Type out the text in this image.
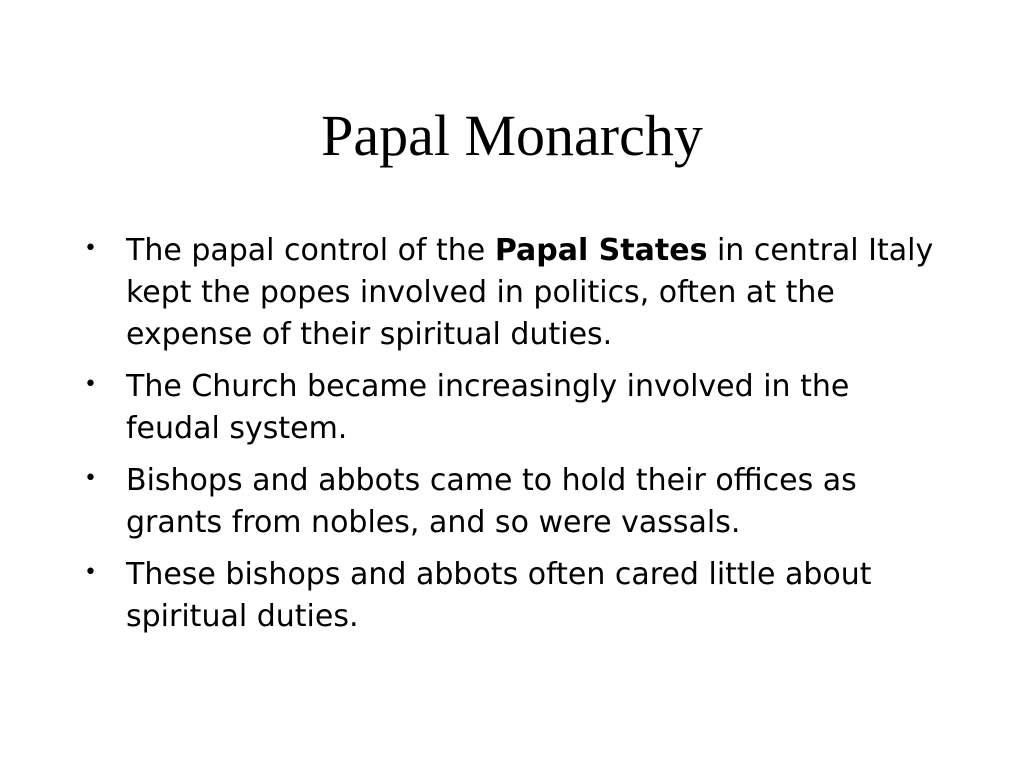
Papal Monarchy
• The papal control of the Papal States in central Italy kept the popes involved in politics, often at the expense of their spiritual duties.
• The Church became increasingly involved in the feudal system.
• Bishops and abbots came to hold their offices as grants from nobles, and so were vassals.
• These bishops and abbots often cared little about spiritual duties.
